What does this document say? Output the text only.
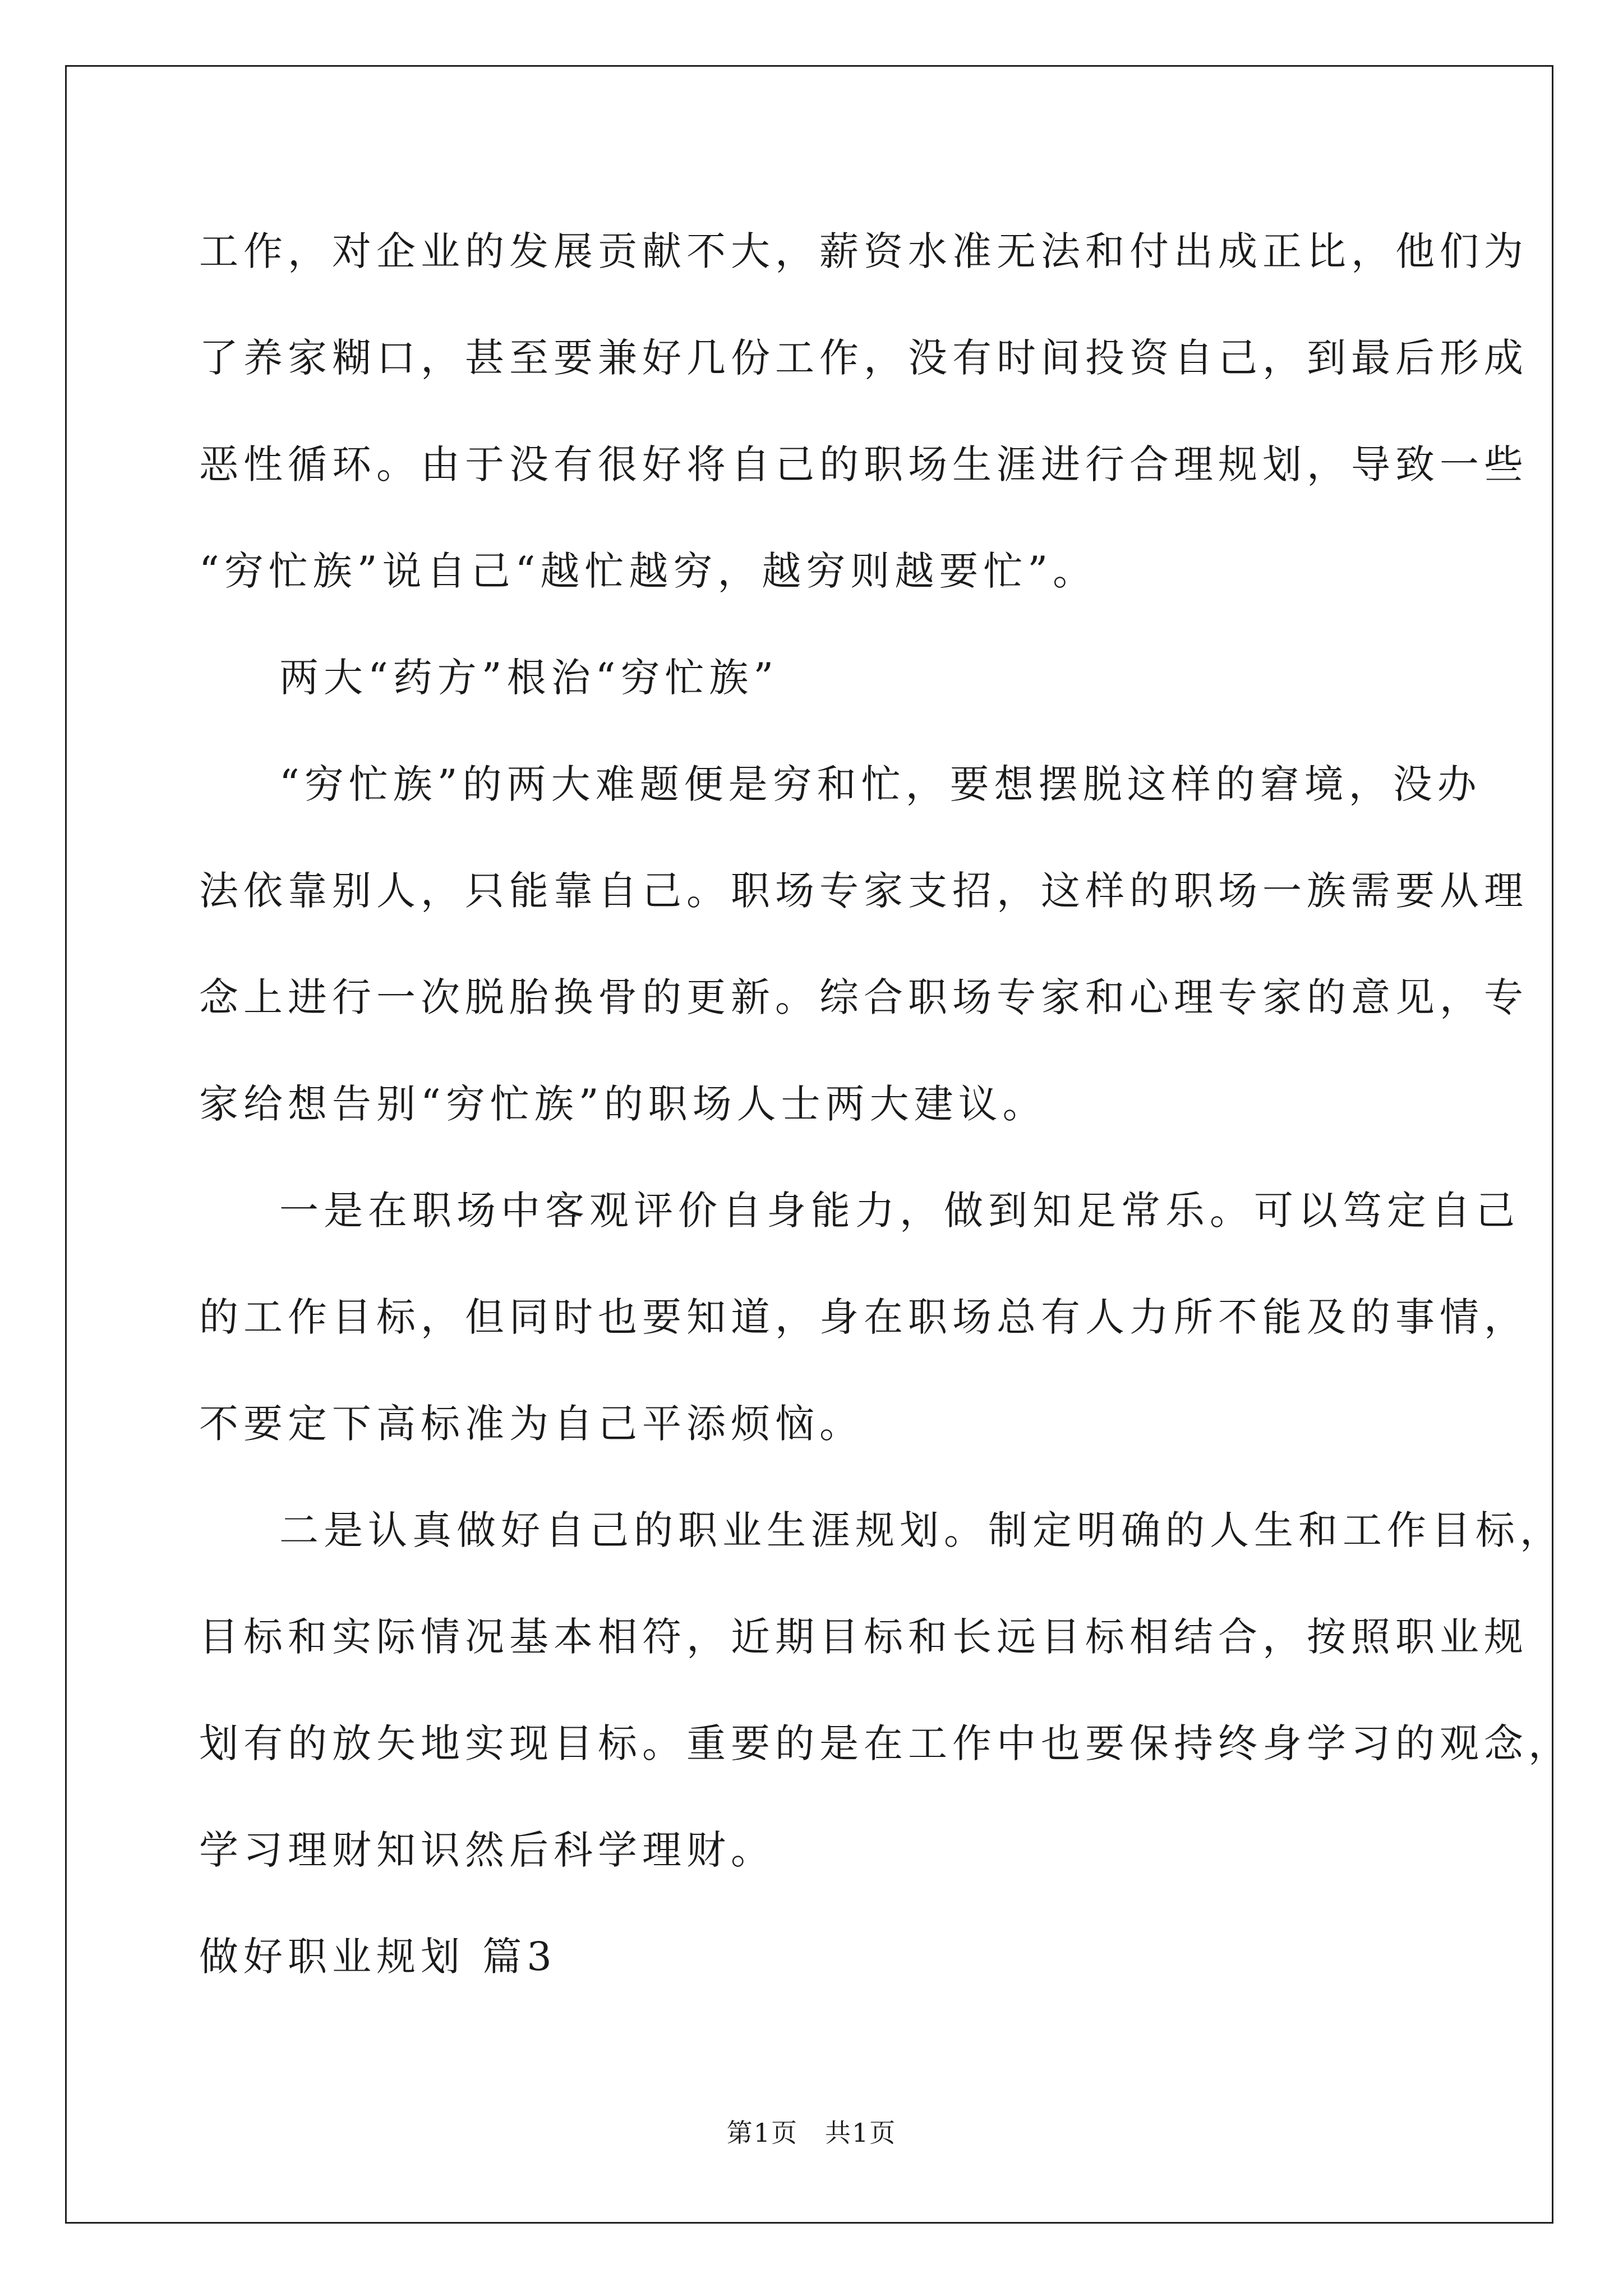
工作，对企业的发展贡献不大，薪资水准无法和付出成正比，他们为
了养家糊口，甚至要兼好几份工作，没有时间投资自己，到最后形成
恶性循环。由于没有很好将自己的职场生涯进行合理规划，导致一些
“穷忙族”说自己“越忙越穷，越穷则越要忙”。
两大“药方”根治“穷忙族”
“穷忙族”的两大难题便是穷和忙，要想摆脱这样的窘境，没办
法依靠别人，只能靠自己。职场专家支招，这样的职场一族需要从理
念上进行一次脱胎换骨的更新。综合职场专家和心理专家的意见，专
家给想告别“穷忙族”的职场人士两大建议。
一是在职场中客观评价自身能力，做到知足常乐。可以笃定自己
的工作目标，但同时也要知道，身在职场总有人力所不能及的事情，
不要定下高标准为自己平添烦恼。
二是认真做好自己的职业生涯规划。制定明确的人生和工作目标，
目标和实际情况基本相符，近期目标和长远目标相结合，按照职业规
划有的放矢地实现目标。重要的是在工作中也要保持终身学习的观念，
学习理财知识然后科学理财。
做好职业规划 篇3
第1页　共1页
